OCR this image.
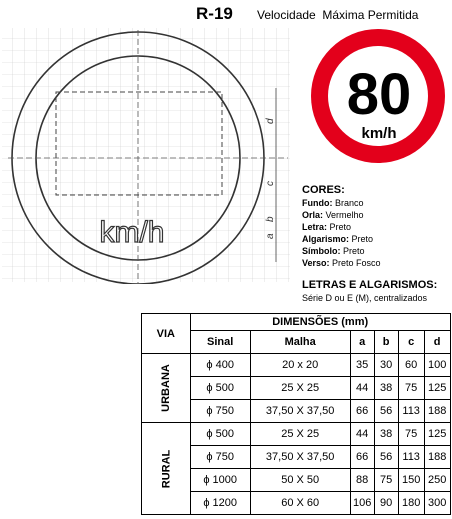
R-19 Velocidade Máxima Permitida
km/h	a
b
c
d 80
km/h
CORES:
Fundo: Branco
Orla: Vermelho
Letra: Preto
Algarismo: Preto
Símbolo: Preto
Verso: Preto Fosco
LETRAS E ALGARISMOS:
Série D ou E (M), centralizados
VIA	DIMENSÕES (mm)					
	Sinal	Malha	a	b	c	d
URBANA	ϕ 400	20 x 20	35	30	60	100
	ϕ 500	25 X 25	44	38	75	125
	ϕ 750	37,50 X 37,50	66	56	113	188
RURAL	ϕ 500	25 X 25	44	38	75	125
	ϕ 750	37,50 X 37,50	66	56	113	188
	ϕ 1000	50 X 50	88	75	150	250
	ϕ 1200	60 X 60	106	90	180	300
